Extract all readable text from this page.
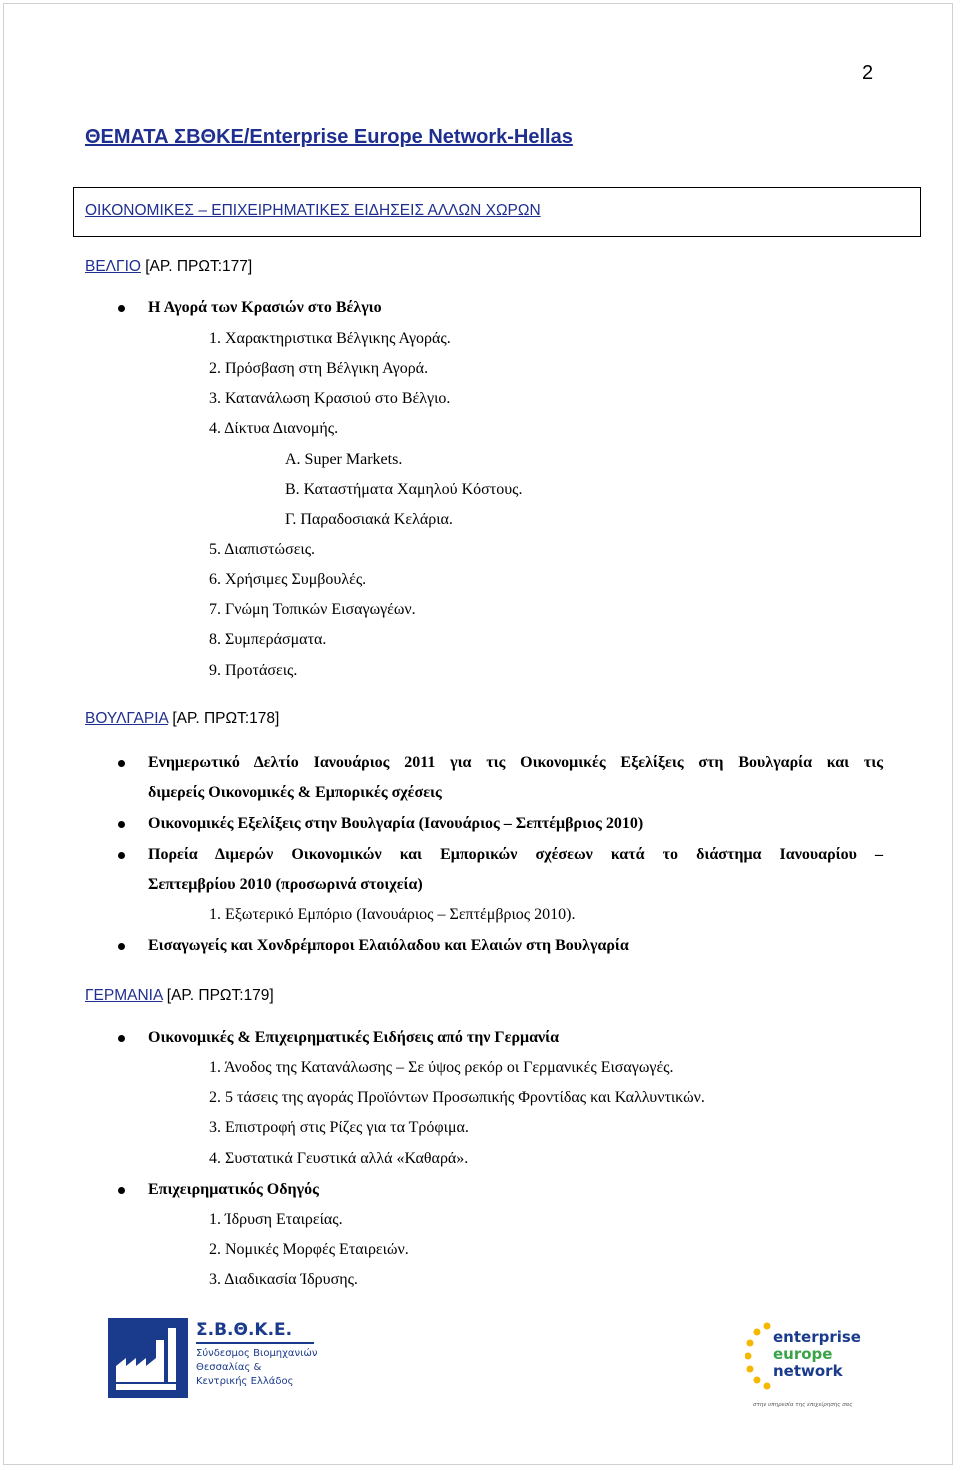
2
ΘΕΜΑΤΑ ΣΒΘΚΕ/Enterprise Europe Network-Hellas
ΟΙΚΟΝΟΜΙΚΕΣ – ΕΠΙΧΕΙΡΗΜΑΤΙΚΕΣ ΕΙΔΗΣΕΙΣ ΑΛΛΩΝ ΧΩΡΩΝ
ΒΕΛΓΙΟ [ΑΡ. ΠΡΩΤ:177]
Η Αγορά των Κρασιών στο Βέλγιο
1. Χαρακτηριστικα Βέλγικης Αγοράς.
2. Πρόσβαση στη Βέλγικη Αγορά.
3. Κατανάλωση Κρασιού στο Βέλγιο.
4. Δίκτυα Διανομής.
Α. Super Markets.
Β. Καταστήματα Χαμηλού Κόστους.
Γ. Παραδοσιακά Κελάρια.
5. Διαπιστώσεις.
6. Χρήσιμες Συμβουλές.
7. Γνώμη Τοπικών Εισαγωγέων.
8. Συμπεράσματα.
9. Προτάσεις.
ΒΟΥΛΓΑΡΙΑ [ΑΡ. ΠΡΩΤ:178]
Ενημερωτικό Δελτίο Ιανουάριος 2011 για τις Οικονομικές Εξελίξεις στη Βουλγαρία και τις
διμερείς Οικονομικές & Εμπορικές σχέσεις
Οικονομικές Εξελίξεις στην Βουλγαρία (Ιανουάριος – Σεπτέμβριος 2010)
Πορεία Διμερών Οικονομικών και Εμπορικών σχέσεων κατά το διάστημα Ιανουαρίου –
Σεπτεμβρίου 2010 (προσωρινά στοιχεία)
1. Εξωτερικό Εμπόριο (Ιανουάριος – Σεπτέμβριος 2010).
Εισαγωγείς και Χονδρέμποροι Ελαιόλαδου και Ελαιών στη Βουλγαρία
ΓΕΡΜΑΝΙΑ [ΑΡ. ΠΡΩΤ:179]
Οικονομικές & Επιχειρηματικές Ειδήσεις από την Γερμανία
1. Άνοδος της Κατανάλωσης – Σε ύψος ρεκόρ οι Γερμανικές Εισαγωγές.
2. 5 τάσεις της αγοράς Προϊόντων Προσωπικής Φροντίδας και Καλλυντικών.
3. Επιστροφή στις Ρίζες για τα Τρόφιμα.
4. Συστατικά Γευστικά αλλά «Καθαρά».
Επιχειρηματικός Οδηγός
1. Ίδρυση Εταιρείας.
2. Νομικές Μορφές Εταιρειών.
3. Διαδικασία Ίδρυσης.
Σ.Β.Θ.Κ.Ε.
Σύνδεσμος Βιομηχανιών
Θεσσαλίας &
Κεντρικής Ελλάδος
enterprise
europe
network
στην υπηρεσία της επιχείρησης σας
